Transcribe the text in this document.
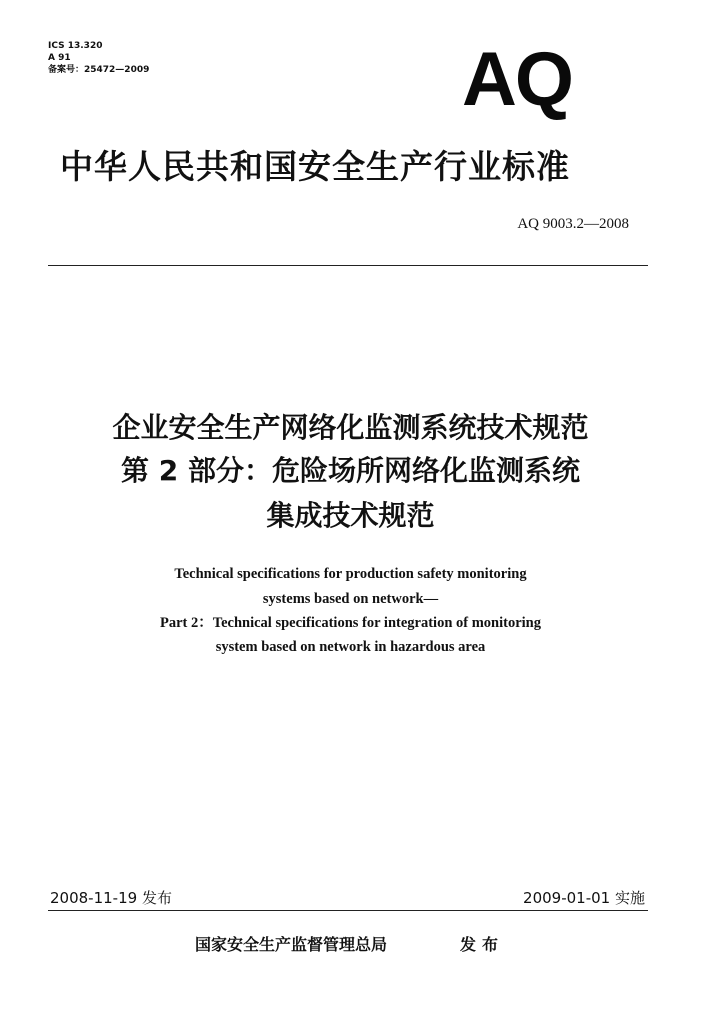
ICS 13.320
A 91
备案号：25472—2009	AQ
中华人民共和国安全生产行业标准
AQ 9003.2—2008
企业安全生产网络化监测系统技术规范
第 2 部分：危险场所网络化监测系统
集成技术规范
Technical specifications for production safety monitoring
systems based on network—
Part 2：Technical specifications for integration of monitoring
system based on network in hazardous area
2008-11-19 发布	2009-01-01 实施
国家安全生产监督管理总局	发布
